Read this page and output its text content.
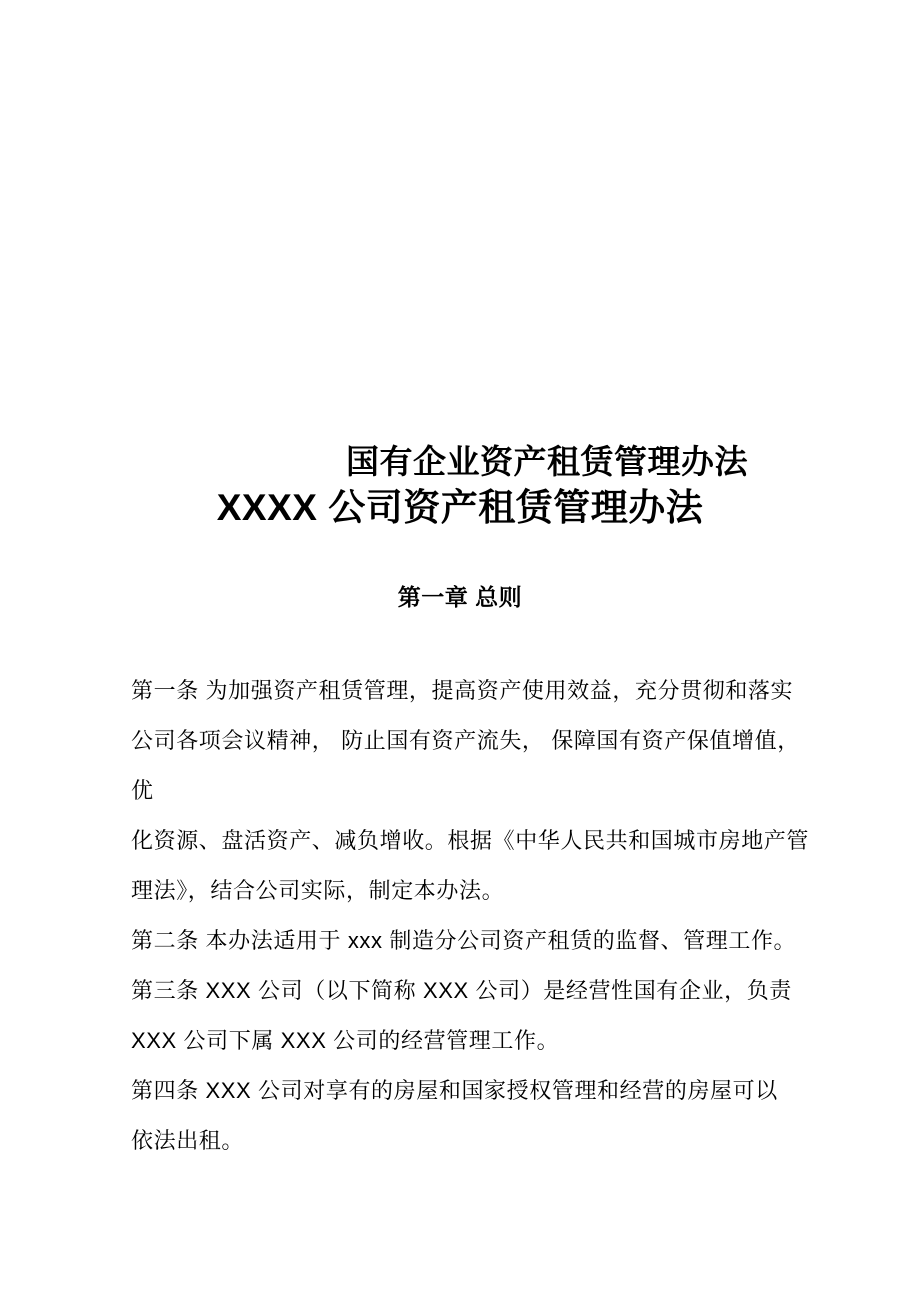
国有企业资产租赁管理办法
XXXX 公司资产租赁管理办法
第一章 总则
第一条 为加强资产租赁管理，提高资产使用效益，充分贯彻和落实
公司各项会议精神， 防止国有资产流失， 保障国有资产保值增值，
优
化资源、盘活资产、减负增收。根据《中华人民共和国城市房地产管
理法》，结合公司实际，制定本办法。
第二条 本办法适用于 xxx 制造分公司资产租赁的监督、管理工作。
第三条 XXX 公司（以下简称 XXX 公司）是经营性国有企业，负责
XXX 公司下属 XXX 公司的经营管理工作。
第四条 XXX 公司对享有的房屋和国家授权管理和经营的房屋可以
依法出租。
